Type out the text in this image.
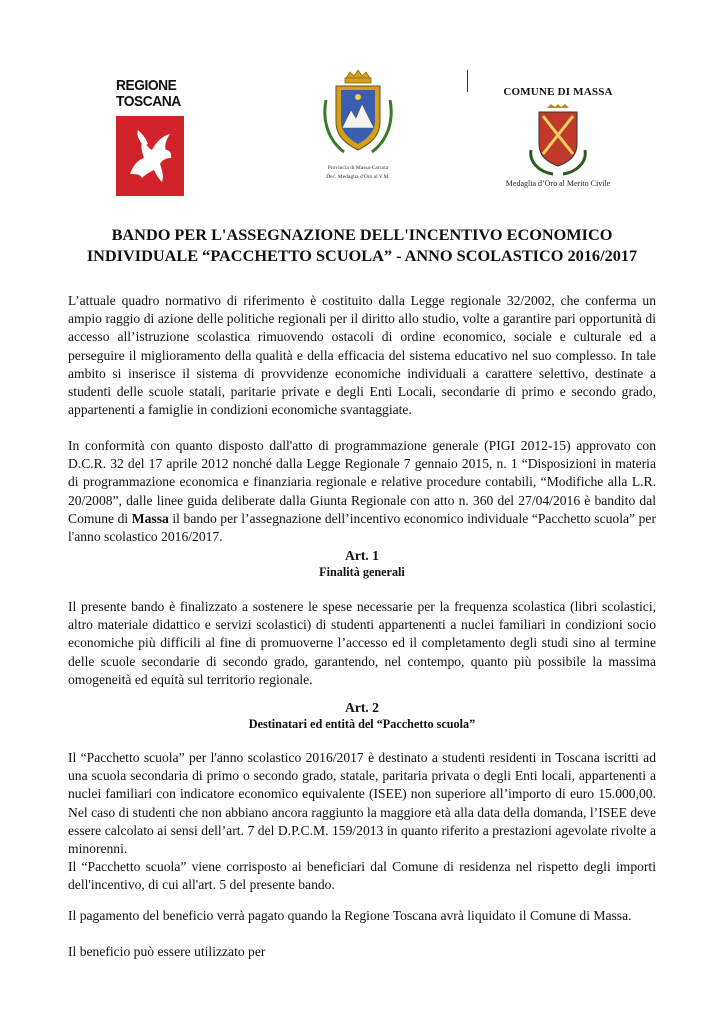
REGIONE
TOSCANA
Provincia di Massa-Carrara
Dec. Medaglia d'Oro al V.M.
COMUNE DI MASSA
Medaglia d’Oro al Merito Civile
BANDO PER L'ASSEGNAZIONE DELL'INCENTIVO ECONOMICO
INDIVIDUALE “PACCHETTO SCUOLA” - ANNO SCOLASTICO 2016/2017
L’attuale quadro normativo di riferimento è costituito dalla Legge regionale 32/2002, che conferma un ampio raggio di azione delle politiche regionali per il diritto allo studio, volte a garantire pari opportunità di accesso all’istruzione scolastica rimuovendo ostacoli di ordine economico, sociale e culturale ed a perseguire il miglioramento della qualità e della efficacia del sistema educativo nel suo complesso. In tale ambito si inserisce il sistema di provvidenze economiche individuali a carattere selettivo, destinate a studenti delle scuole statali, paritarie private e degli Enti Locali, secondarie di primo e secondo grado, appartenenti a famiglie in condizioni economiche svantaggiate.
In conformità con quanto disposto dall'atto di programmazione generale (PIGI 2012-15) approvato con D.C.R. 32 del 17 aprile 2012 nonché dalla Legge Regionale 7 gennaio 2015, n. 1 “Disposizioni in materia di programmazione economica e finanziaria regionale e relative procedure contabili, “Modifiche alla L.R. 20/2008”, dalle linee guida deliberate dalla Giunta Regionale con atto n. 360 del 27/04/2016 è bandito dal Comune di Massa il bando per l’assegnazione dell’incentivo economico individuale “Pacchetto scuola” per l'anno scolastico 2016/2017.
Art. 1
Finalità generali
Il presente bando è finalizzato a sostenere le spese necessarie per la frequenza scolastica (libri scolastici, altro materiale didattico e servizi scolastici) di studenti appartenenti a nuclei familiari in condizioni socio economiche più difficili al fine di promuoverne l’accesso ed il completamento degli studi sino al termine delle scuole secondarie di secondo grado, garantendo, nel contempo, quanto più possibile la massima omogeneità ed equità sul territorio regionale.
Art. 2
Destinatari ed entità del “Pacchetto scuola”
Il “Pacchetto scuola” per l'anno scolastico 2016/2017 è destinato a studenti residenti in Toscana iscritti ad una scuola secondaria di primo o secondo grado, statale, paritaria privata o degli Enti locali, appartenenti a nuclei familiari con indicatore economico equivalente (ISEE) non superiore all’importo di euro 15.000,00. Nel caso di studenti che non abbiano ancora raggiunto la maggiore età alla data della domanda, l’ISEE deve essere calcolato ai sensi dell’art. 7 del D.P.C.M. 159/2013 in quanto riferito a prestazioni agevolate rivolte a minorenni.
Il “Pacchetto scuola” viene corrisposto ai beneficiari dal Comune di residenza nel rispetto degli importi dell'incentivo, di cui all'art. 5 del presente bando.
Il pagamento del beneficio verrà pagato quando la Regione Toscana avrà liquidato il Comune di Massa.
Il beneficio può essere utilizzato per
